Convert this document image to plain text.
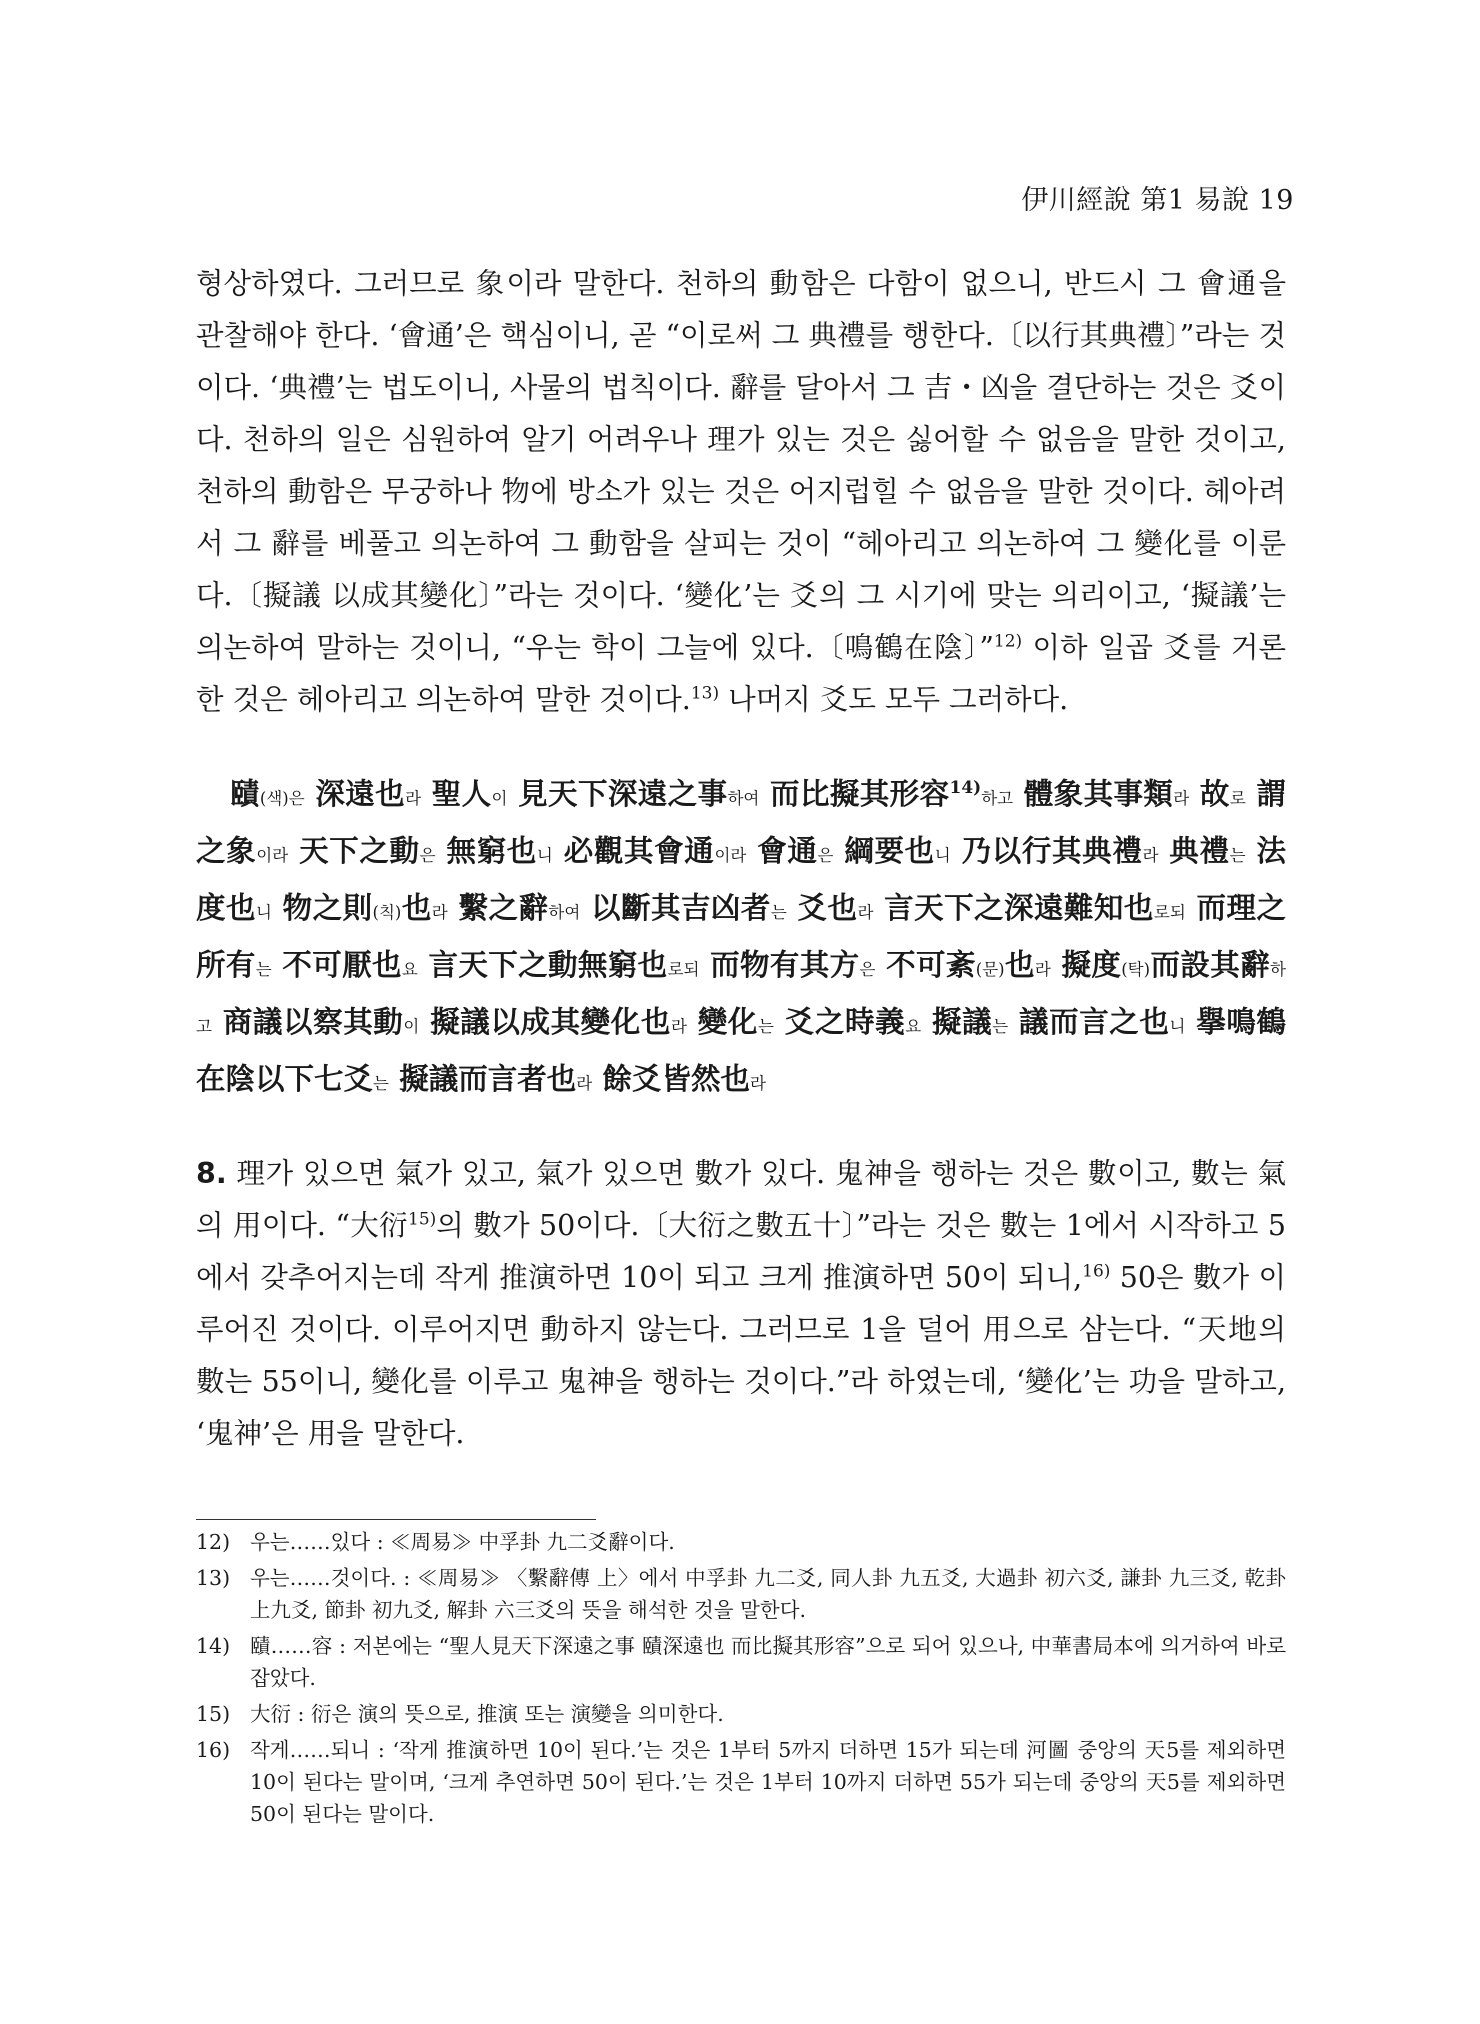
伊川經說 第1 易說 19

형상하였다. 그러므로 象이라 말한다. 천하의 動함은 다함이 없으니, 반드시 그 會通을 관찰해야 한다. ‘會通’은 핵심이니, 곧 “이로써 그 典禮를 행한다.〔以行其典禮〕”라는 것이다. ‘典禮’는 법도이니, 사물의 법칙이다. 辭를 달아서 그 吉・凶을 결단하는 것은 爻이다. 천하의 일은 심원하여 알기 어려우나 理가 있는 것은 싫어할 수 없음을 말한 것이고, 천하의 動함은 무궁하나 物에 방소가 있는 것은 어지럽힐 수 없음을 말한 것이다. 헤아려서 그 辭를 베풀고 의논하여 그 動함을 살피는 것이 “헤아리고 의논하여 그 變化를 이룬다.〔擬議 以成其變化〕”라는 것이다. ‘變化’는 爻의 그 시기에 맞는 의리이고, ‘擬議’는 의논하여 말하는 것이니, “우는 학이 그늘에 있다.〔鳴鶴在陰〕”$^{12)}$ 이하 일곱 爻를 거론한 것은 헤아리고 의논하여 말한 것이다.$^{13)}$ 나머지 爻도 모두 그러하다.

賾(색)은 深遠也라 聖人이 見天下深遠之事하여 而比擬其形容$^{14)}$하고 體象其事類라 故로 謂之象이라 天下之動은 無窮也니 必觀其會通이라 會通은 綱要也니 乃以行其典禮라 典禮는 法度也니 物之則(칙)也라 繫之辭하여 以斷其吉凶者는 爻也라 言天下之深遠難知也로되 而理之所有는 不可厭也요 言天下之動無窮也로되 而物有其方은 不可紊(문)也라 擬度(탁)而設其辭하고 商議以察其動이 擬議以成其變化也라 變化는 爻之時義요 擬議는 議而言之也니 擧鳴鶴在陰以下七爻는 擬議而言者也라 餘爻皆然也라

8. 理가 있으면 氣가 있고, 氣가 있으면 數가 있다. 鬼神을 행하는 것은 數이고, 數는 氣의 用이다. “大衍$^{15)}$의 數가 50이다.〔大衍之數五十〕”라는 것은 數는 1에서 시작하고 5에서 갖추어지는데 작게 推演하면 10이 되고 크게 推演하면 50이 되니,$^{16)}$ 50은 數가 이루어진 것이다. 이루어지면 動하지 않는다. 그러므로 1을 덜어 用으로 삼는다. “天地의 數는 55이니, 變化를 이루고 鬼神을 행하는 것이다.”라 하였는데, ‘變化’는 功을 말하고, ‘鬼神’은 用을 말한다.

12) 우는……있다 : ≪周易≫ 中孚卦 九二爻辭이다.
13) 우는……것이다. : ≪周易≫ 〈繫辭傳 上〉에서 中孚卦 九二爻, 同人卦 九五爻, 大過卦 初六爻, 謙卦 九三爻, 乾卦 上九爻, 節卦 初九爻, 解卦 六三爻의 뜻을 해석한 것을 말한다.
14) 賾……容 : 저본에는 “聖人見天下深遠之事 賾深遠也 而比擬其形容”으로 되어 있으나, 中華書局本에 의거하여 바로잡았다.
15) 大衍 : 衍은 演의 뜻으로, 推演 또는 演變을 의미한다.
16) 작게……되니 : ‘작게 推演하면 10이 된다.’는 것은 1부터 5까지 더하면 15가 되는데 河圖 중앙의 天5를 제외하면 10이 된다는 말이며, ‘크게 추연하면 50이 된다.’는 것은 1부터 10까지 더하면 55가 되는데 중앙의 天5를 제외하면 50이 된다는 말이다.
